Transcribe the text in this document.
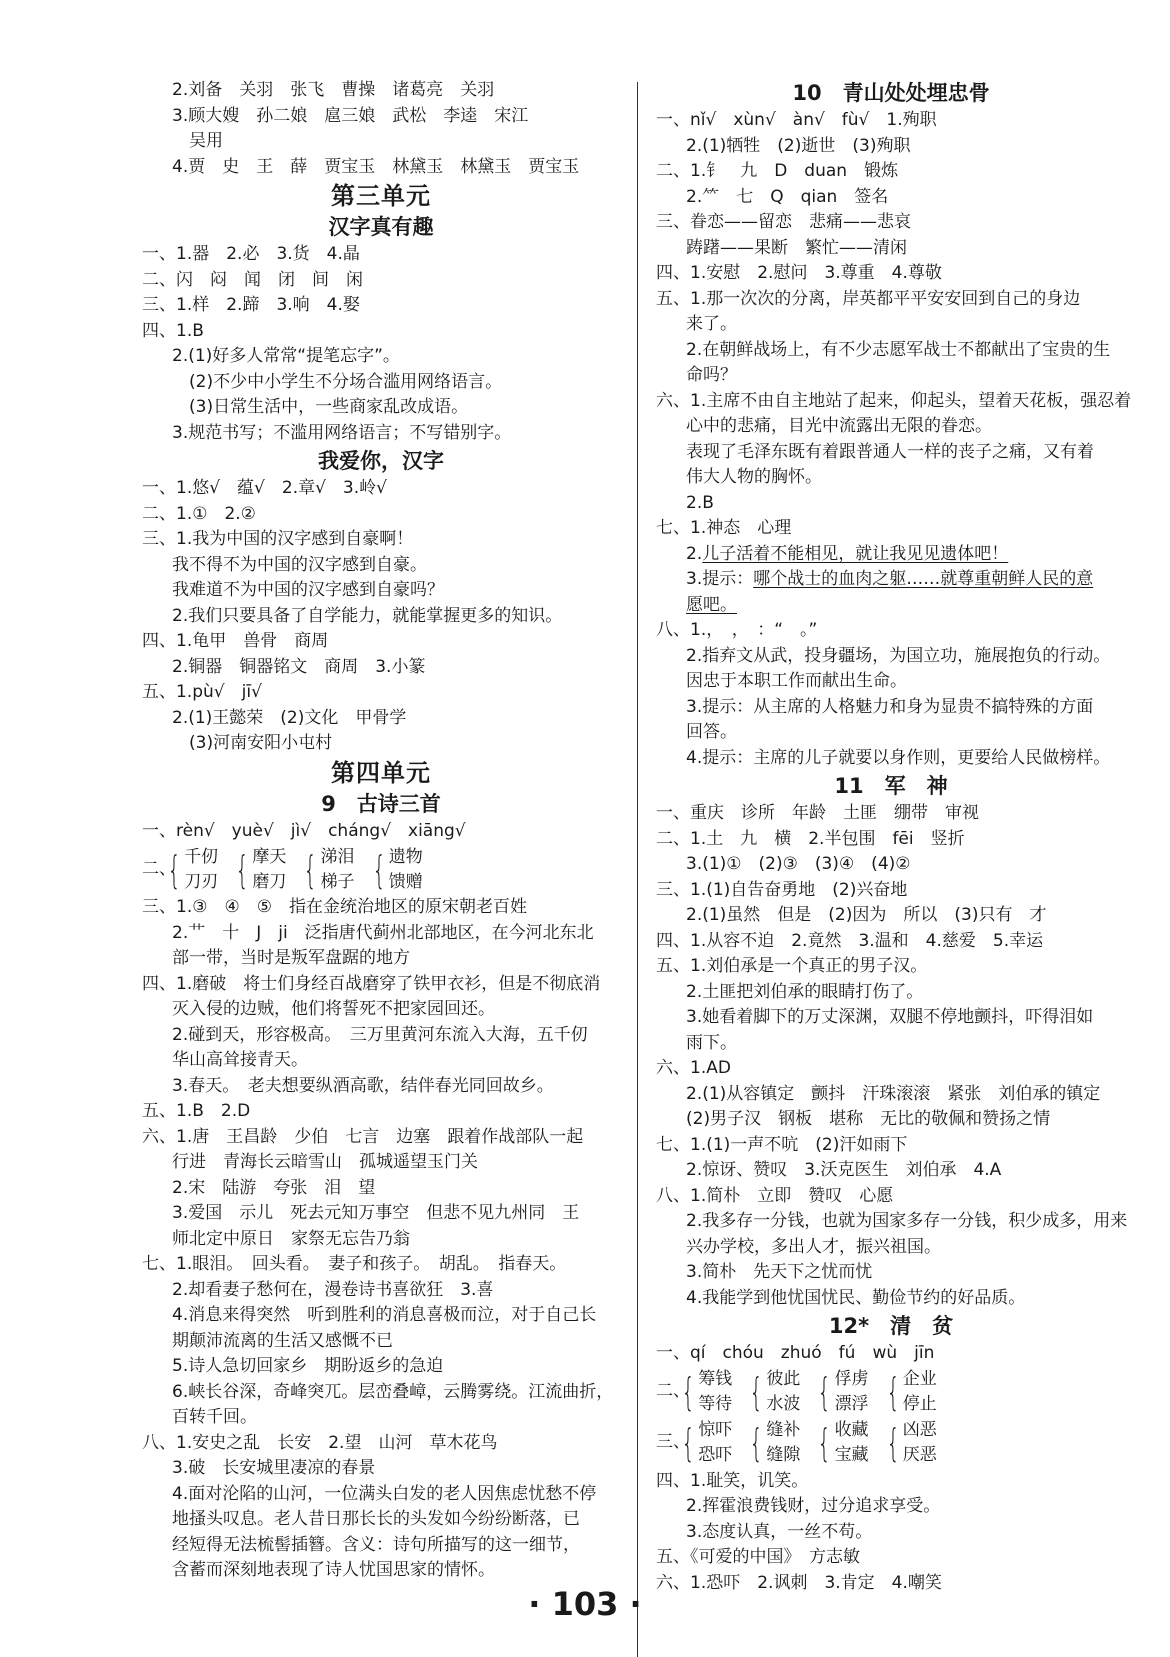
2.刘备　关羽　张飞　曹操　诸葛亮　关羽
3.顾大嫂　孙二娘　扈三娘　武松　李逵　宋江
吴用
4.贾　史　王　薛　贾宝玉　林黛玉　林黛玉　贾宝玉
第三单元
汉字真有趣
一、1.器　2.必　3.货　4.晶
二、闪　闷　闻　闭　间　闲
三、1.样　2.蹄　3.响　4.娶
四、1.B
2.(1)好多人常常“提笔忘字”。
(2)不少中小学生不分场合滥用网络语言。
(3)日常生活中，一些商家乱改成语。
3.规范书写；不滥用网络语言；不写错别字。
我爱你，汉字
一、1.悠√　蕴√　2.章√　3.岭√
二、1.①　2.②
三、1.我为中国的汉字感到自豪啊！
我不得不为中国的汉字感到自豪。
我难道不为中国的汉字感到自豪吗？
2.我们只要具备了自学能力，就能掌握更多的知识。
四、1.龟甲　兽骨　商周
2.铜器　铜器铭文　商周　3.小篆
五、1.pù√　jī√
2.(1)王懿荣　(2)文化　甲骨学
(3)河南安阳小屯村
第四单元
9　古诗三首
一、rèn√　yuè√　jì√　cháng√　xiāng√
二、
{ 千仞
刀刃 { 摩天
磨刀 { 涕泪
梯子 { 遗物
馈赠
三、1.③　④　⑤　指在金统治地区的原宋朝老百姓
2.艹　十　J　ji　泛指唐代蓟州北部地区，在今河北东北
部一带，当时是叛军盘踞的地方
四、1.磨破　将士们身经百战磨穿了铁甲衣衫，但是不彻底消
灭入侵的边贼，他们将誓死不把家园回还。
2.碰到天，形容极高。　三万里黄河东流入大海，五千仞
华山高耸接青天。
3.春天。　老夫想要纵酒高歌，结伴春光同回故乡。
五、1.B　2.D
六、1.唐　王昌龄　少伯　七言　边塞　跟着作战部队一起
行进　青海长云暗雪山　孤城遥望玉门关
2.宋　陆游　夸张　泪　望
3.爱国　示儿　死去元知万事空　但悲不见九州同　王
师北定中原日　家祭无忘告乃翁
七、1.眼泪。　回头看。　妻子和孩子。　胡乱。　指春天。
2.却看妻子愁何在，漫卷诗书喜欲狂　3.喜
4.消息来得突然　听到胜利的消息喜极而泣，对于自己长
期颠沛流离的生活又感慨不已
5.诗人急切回家乡　期盼返乡的急迫
6.峡长谷深，奇峰突兀。层峦叠嶂，云腾雾绕。江流曲折，
百转千回。
八、1.安史之乱　长安　2.望　山河　草木花鸟
3.破　长安城里凄凉的春景
4.面对沦陷的山河，一位满头白发的老人因焦虑忧愁不停
地搔头叹息。老人昔日那长长的头发如今纷纷断落，已
经短得无法梳髻插簪。含义：诗句所描写的这一细节，
含蓄而深刻地表现了诗人忧国思家的情怀。
10　青山处处埋忠骨
一、nǐ√　xùn√　àn√　fù√　1.殉职
2.(1)牺牲　(2)逝世　(3)殉职
二、1.钅　九　D　duan　锻炼
2.⺮　七　Q　qian　签名
三、眷恋——留恋　悲痛——悲哀
踌躇——果断　繁忙——清闲
四、1.安慰　2.慰问　3.尊重　4.尊敬
五、1.那一次次的分离，岸英都平平安安回到自己的身边
来了。
2.在朝鲜战场上，有不少志愿军战士不都献出了宝贵的生
命吗？
六、1.主席不由自主地站了起来，仰起头，望着天花板，强忍着
心中的悲痛，目光中流露出无限的眷恋。
表现了毛泽东既有着跟普通人一样的丧子之痛，又有着
伟大人物的胸怀。
2.B
七、1.神态　心理
2.儿子活着不能相见，就让我见见遗体吧！
3.提示：哪个战士的血肉之躯……就尊重朝鲜人民的意
愿吧。
八、1.，　，　：“　。”
2.指弃文从武，投身疆场，为国立功，施展抱负的行动。
因忠于本职工作而献出生命。
3.提示：从主席的人格魅力和身为显贵不搞特殊的方面
回答。
4.提示：主席的儿子就要以身作则，更要给人民做榜样。
11　军　神
一、重庆　诊所　年龄　土匪　绷带　审视
二、1.土　九　横　2.半包围　fēi　竖折
3.(1)①　(2)③　(3)④　(4)②
三、1.(1)自告奋勇地　(2)兴奋地
2.(1)虽然　但是　(2)因为　所以　(3)只有　才
四、1.从容不迫　2.竟然　3.温和　4.慈爱　5.幸运
五、1.刘伯承是一个真正的男子汉。
2.土匪把刘伯承的眼睛打伤了。
3.她看着脚下的万丈深渊，双腿不停地颤抖，吓得泪如
雨下。
六、1.AD
2.(1)从容镇定　颤抖　汗珠滚滚　紧张　刘伯承的镇定
(2)男子汉　钢板　堪称　无比的敬佩和赞扬之情
七、1.(1)一声不吭　(2)汗如雨下
2.惊讶、赞叹　3.沃克医生　刘伯承　4.A
八、1.简朴　立即　赞叹　心愿
2.我多存一分钱，也就为国家多存一分钱，积少成多，用来
兴办学校，多出人才，振兴祖国。
3.简朴　先天下之忧而忧
4.我能学到他忧国忧民、勤俭节约的好品质。
12*　清　贫
一、qí　chóu　zhuó　fú　wù　jīn
二、
{ 筹钱
等待 { 彼此
水波 { 俘虏
漂浮 { 企业
停止
三、
{ 惊吓
恐吓 { 缝补
缝隙 { 收藏
宝藏 { 凶恶
厌恶
四、1.耻笑，讥笑。
2.挥霍浪费钱财，过分追求享受。
3.态度认真，一丝不苟。
五、《可爱的中国》　方志敏
六、1.恐吓　2.讽刺　3.肯定　4.嘲笑
· 103 ·
